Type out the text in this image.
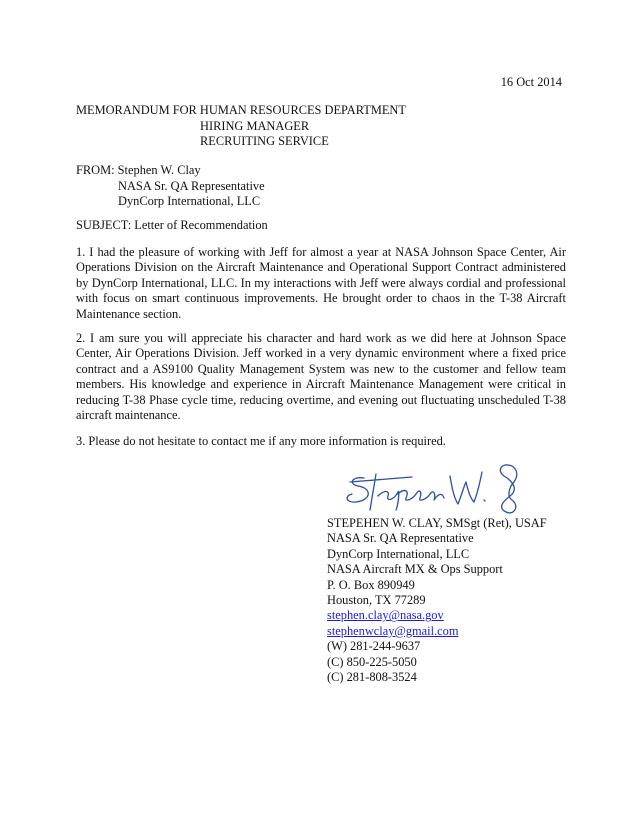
16 Oct 2014
MEMORANDUM FOR HUMAN RESOURCES DEPARTMENT
HIRING MANAGER
RECRUITING SERVICE
FROM: Stephen W. Clay
NASA Sr. QA Representative
DynCorp International, LLC
SUBJECT: Letter of Recommendation
1. I had the pleasure of working with Jeff for almost a year at NASA Johnson Space Center, Air Operations Division on the Aircraft Maintenance and Operational Support Contract administered by DynCorp International, LLC. In my interactions with Jeff were always cordial and professional with focus on smart continuous improvements. He brought order to chaos in the T-38 Aircraft Maintenance section.
2. I am sure you will appreciate his character and hard work as we did here at Johnson Space Center, Air Operations Division. Jeff worked in a very dynamic environment where a fixed price contract and a AS9100 Quality Management System was new to the customer and fellow team members. His knowledge and experience in Aircraft Maintenance Management were critical in reducing T-38 Phase cycle time, reducing overtime, and evening out fluctuating unscheduled T-38 aircraft maintenance.
3. Please do not hesitate to contact me if any more information is required.
STEPEHEN W. CLAY, SMSgt (Ret), USAF
NASA Sr. QA Representative
DynCorp International, LLC
NASA Aircraft MX & Ops Support
P. O. Box 890949
Houston, TX 77289
stephen.clay@nasa.gov
stephenwclay@gmail.com
(W) 281-244-9637
(C) 850-225-5050
(C) 281-808-3524
